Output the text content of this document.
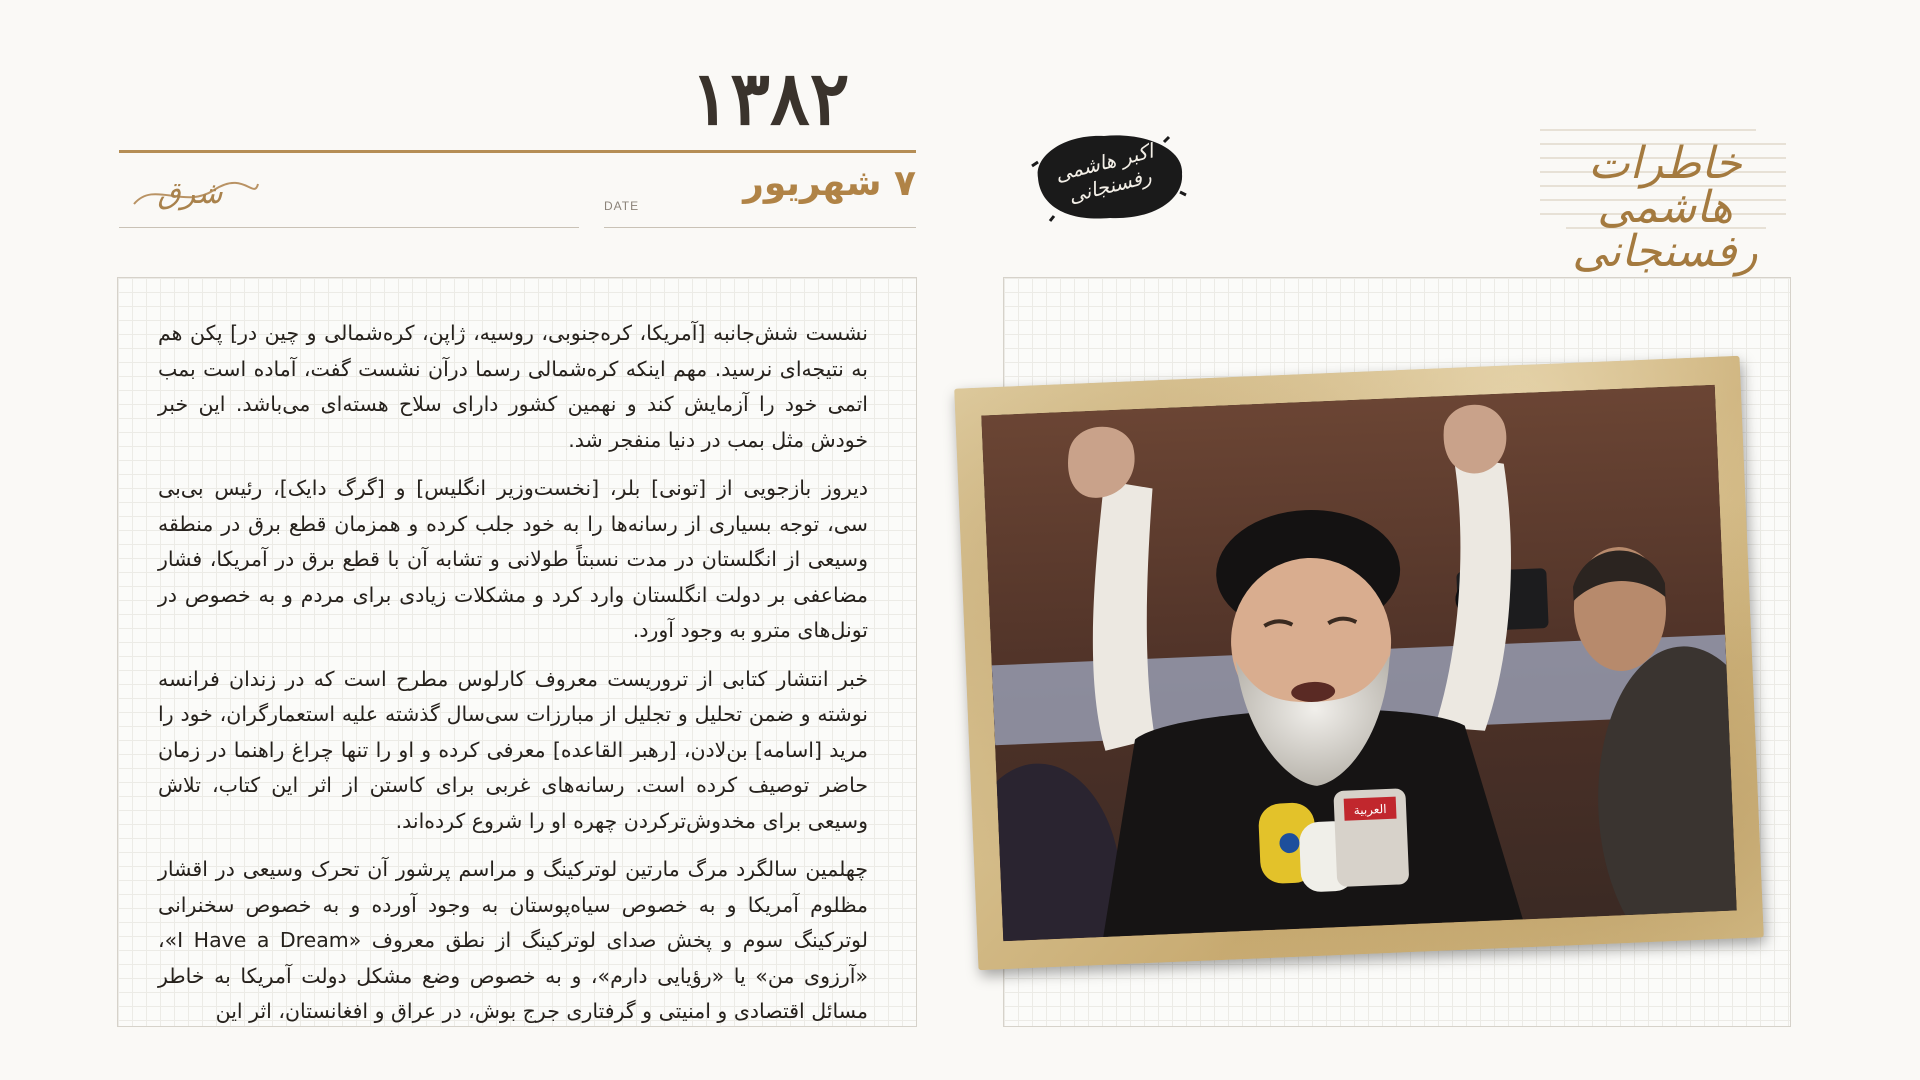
۱۳۸۲
شرق	DATE
۷ شهریور	اکبر هاشمی رفسنجانی	خاطرات هاشمی رفسنجانی

نشست شش‌جانبه [آمریکا، کره‌جنوبی، روسیه، ژاپن، کره‌شمالی و چین در] پکن هم به نتیجه‌ای نرسید. مهم اینکه کره‌شمالی رسما درآن نشست گفت، آماده است بمب اتمی خود را آزمایش کند و نهمین کشور دارای سلاح هسته‌ای می‌باشد. این خبر خودش مثل بمب در دنیا منفجر شد.

دیروز بازجویی از [تونی] بلر، [نخست‌وزیر انگلیس] و [گرگ دایک]، رئیس بی‌بی سی، توجه بسیاری از رسانه‌ها را به خود جلب کرده و همزمان قطع برق در منطقه وسیعی از انگلستان در مدت نسبتاً طولانی و تشابه آن با قطع برق در آمریکا، فشار مضاعفی بر دولت انگلستان وارد کرد و مشکلات زیادی برای مردم و به خصوص در تونل‌های مترو به وجود آورد.

خبر انتشار کتابی از تروریست معروف کارلوس مطرح است که در زندان فرانسه نوشته و ضمن تحلیل و تجلیل از مبارزات سی‌سال گذشته علیه استعمارگران، خود را مرید [اسامه] بن‌لادن، [رهبر القاعده] معرفی کرده و او را تنها چراغ راهنما در زمان حاضر توصیف کرده است. رسانه‌های غربی برای کاستن از اثر این کتاب، تلاش وسیعی برای مخدوش‌ترکردن چهره او را شروع کرده‌اند.

چهلمین سالگرد مرگ مارتین لوترکینگ و مراسم پرشور آن تحرک وسیعی در اقشار مظلوم آمریکا و به خصوص سیاه‌پوستان به وجود آورده و به خصوص سخنرانی لوترکینگ سوم و پخش صدای لوترکینگ از نطق معروف «I Have a Dream»، «آرزوی من» یا «رؤیایی دارم»، و به خصوص وضع مشکل دولت آمریکا به خاطر مسائل اقتصادی و امنیتی و گرفتاری جرج بوش، در عراق و افغانستان، اثر این

العربية
